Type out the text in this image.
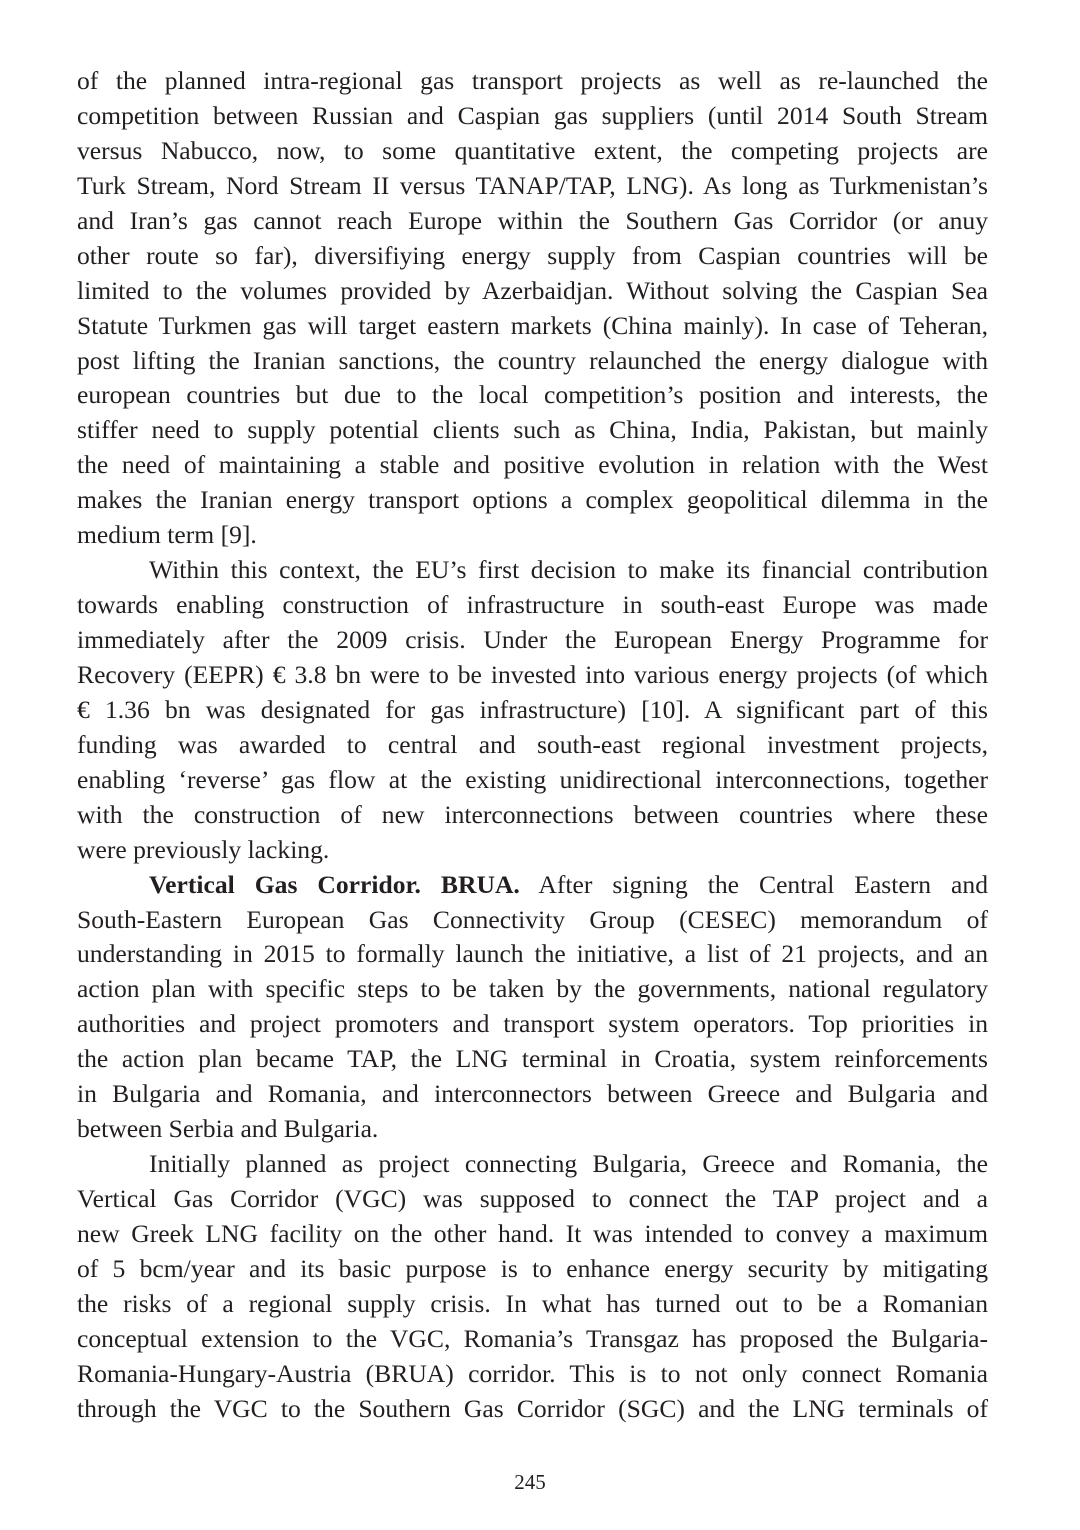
of the planned intra-regional gas transport projects as well as re-launched the
competition between Russian and Caspian gas suppliers (until 2014 South Stream
versus Nabucco, now, to some quantitative extent, the competing projects are
Turk Stream, Nord Stream II versus TANAP/TAP, LNG). As long as Turkmenistan’s
and Iran’s gas cannot reach Europe within the Southern Gas Corridor (or anuy
other route so far), diversifiying energy supply from Caspian countries will be
limited to the volumes provided by Azerbaidjan. Without solving the Caspian Sea
Statute Turkmen gas will target eastern markets (China mainly). In case of Teheran,
post lifting the Iranian sanctions, the country relaunched the energy dialogue with
european countries but due to the local competition’s position and interests, the
stiffer need to supply potential clients such as China, India, Pakistan, but mainly
the need of maintaining a stable and positive evolution in relation with the West
makes the Iranian energy transport options a complex geopolitical dilemma in the
medium term [9].
Within this context, the EU’s first decision to make its financial contribution
towards enabling construction of infrastructure in south-east Europe was made
immediately after the 2009 crisis. Under the European Energy Programme for
Recovery (EEPR) € 3.8 bn were to be invested into various energy projects (of which
€ 1.36 bn was designated for gas infrastructure) [10]. A significant part of this
funding was awarded to central and south-east regional investment projects,
enabling ‘reverse’ gas flow at the existing unidirectional interconnections, together
with the construction of new interconnections between countries where these
were previously lacking.
Vertical Gas Corridor. BRUA. After signing the Central Eastern and
South-Eastern European Gas Connectivity Group (CESEC) memorandum of
understanding in 2015 to formally launch the initiative, a list of 21 projects, and an
action plan with specific steps to be taken by the governments, national regulatory
authorities and project promoters and transport system operators. Top priorities in
the action plan became TAP, the LNG terminal in Croatia, system reinforcements
in Bulgaria and Romania, and interconnectors between Greece and Bulgaria and
between Serbia and Bulgaria.
Initially planned as project connecting Bulgaria, Greece and Romania, the
Vertical Gas Corridor (VGC) was supposed to connect the TAP project and a
new Greek LNG facility on the other hand. It was intended to convey a maximum
of 5 bcm/year and its basic purpose is to enhance energy security by mitigating
the risks of a regional supply crisis. In what has turned out to be a Romanian
conceptual extension to the VGC, Romania’s Transgaz has proposed the Bulgaria-
Romania-Hungary-Austria (BRUA) corridor. This is to not only connect Romania
through the VGC to the Southern Gas Corridor (SGC) and the LNG terminals of
245
